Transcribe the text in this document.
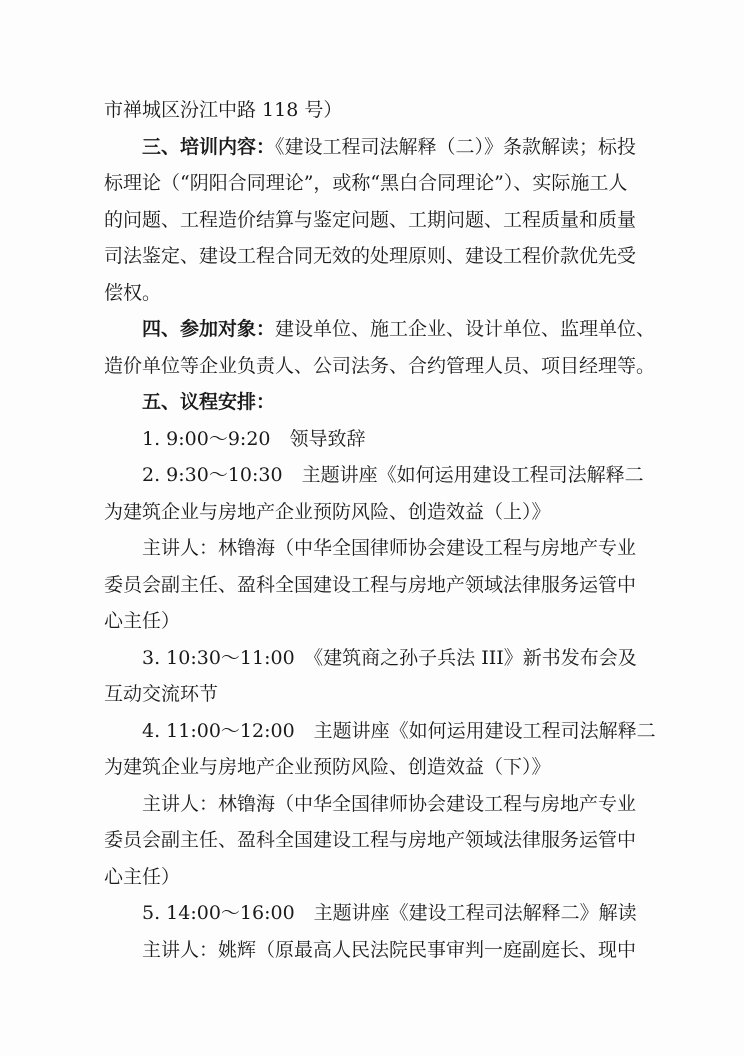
市禅城区汾江中路 118 号）
三、培训内容：《建设工程司法解释（二）》条款解读；标投
标理论（“阴阳合同理论”，或称“黑白合同理论”）、实际施工人
的问题、工程造价结算与鉴定问题、工期问题、工程质量和质量
司法鉴定、建设工程合同无效的处理原则、建设工程价款优先受
偿权。
四、参加对象：建设单位、施工企业、设计单位、监理单位、
造价单位等企业负责人、公司法务、合约管理人员、项目经理等。
五、议程安排：
1. 9:00～9:20　领导致辞
2. 9:30～10:30　主题讲座《如何运用建设工程司法解释二
为建筑企业与房地产企业预防风险、创造效益（上）》
主讲人：林镥海（中华全国律师协会建设工程与房地产专业
委员会副主任、盈科全国建设工程与房地产领域法律服务运管中
心主任）
3. 10:30～11:00　《建筑商之孙子兵法 III》新书发布会及
互动交流环节
4. 11:00～12:00　主题讲座《如何运用建设工程司法解释二
为建筑企业与房地产企业预防风险、创造效益（下）》
主讲人：林镥海（中华全国律师协会建设工程与房地产专业
委员会副主任、盈科全国建设工程与房地产领域法律服务运管中
心主任）
5. 14:00～16:00　主题讲座《建设工程司法解释二》解读
主讲人：姚辉（原最高人民法院民事审判一庭副庭长、现中
